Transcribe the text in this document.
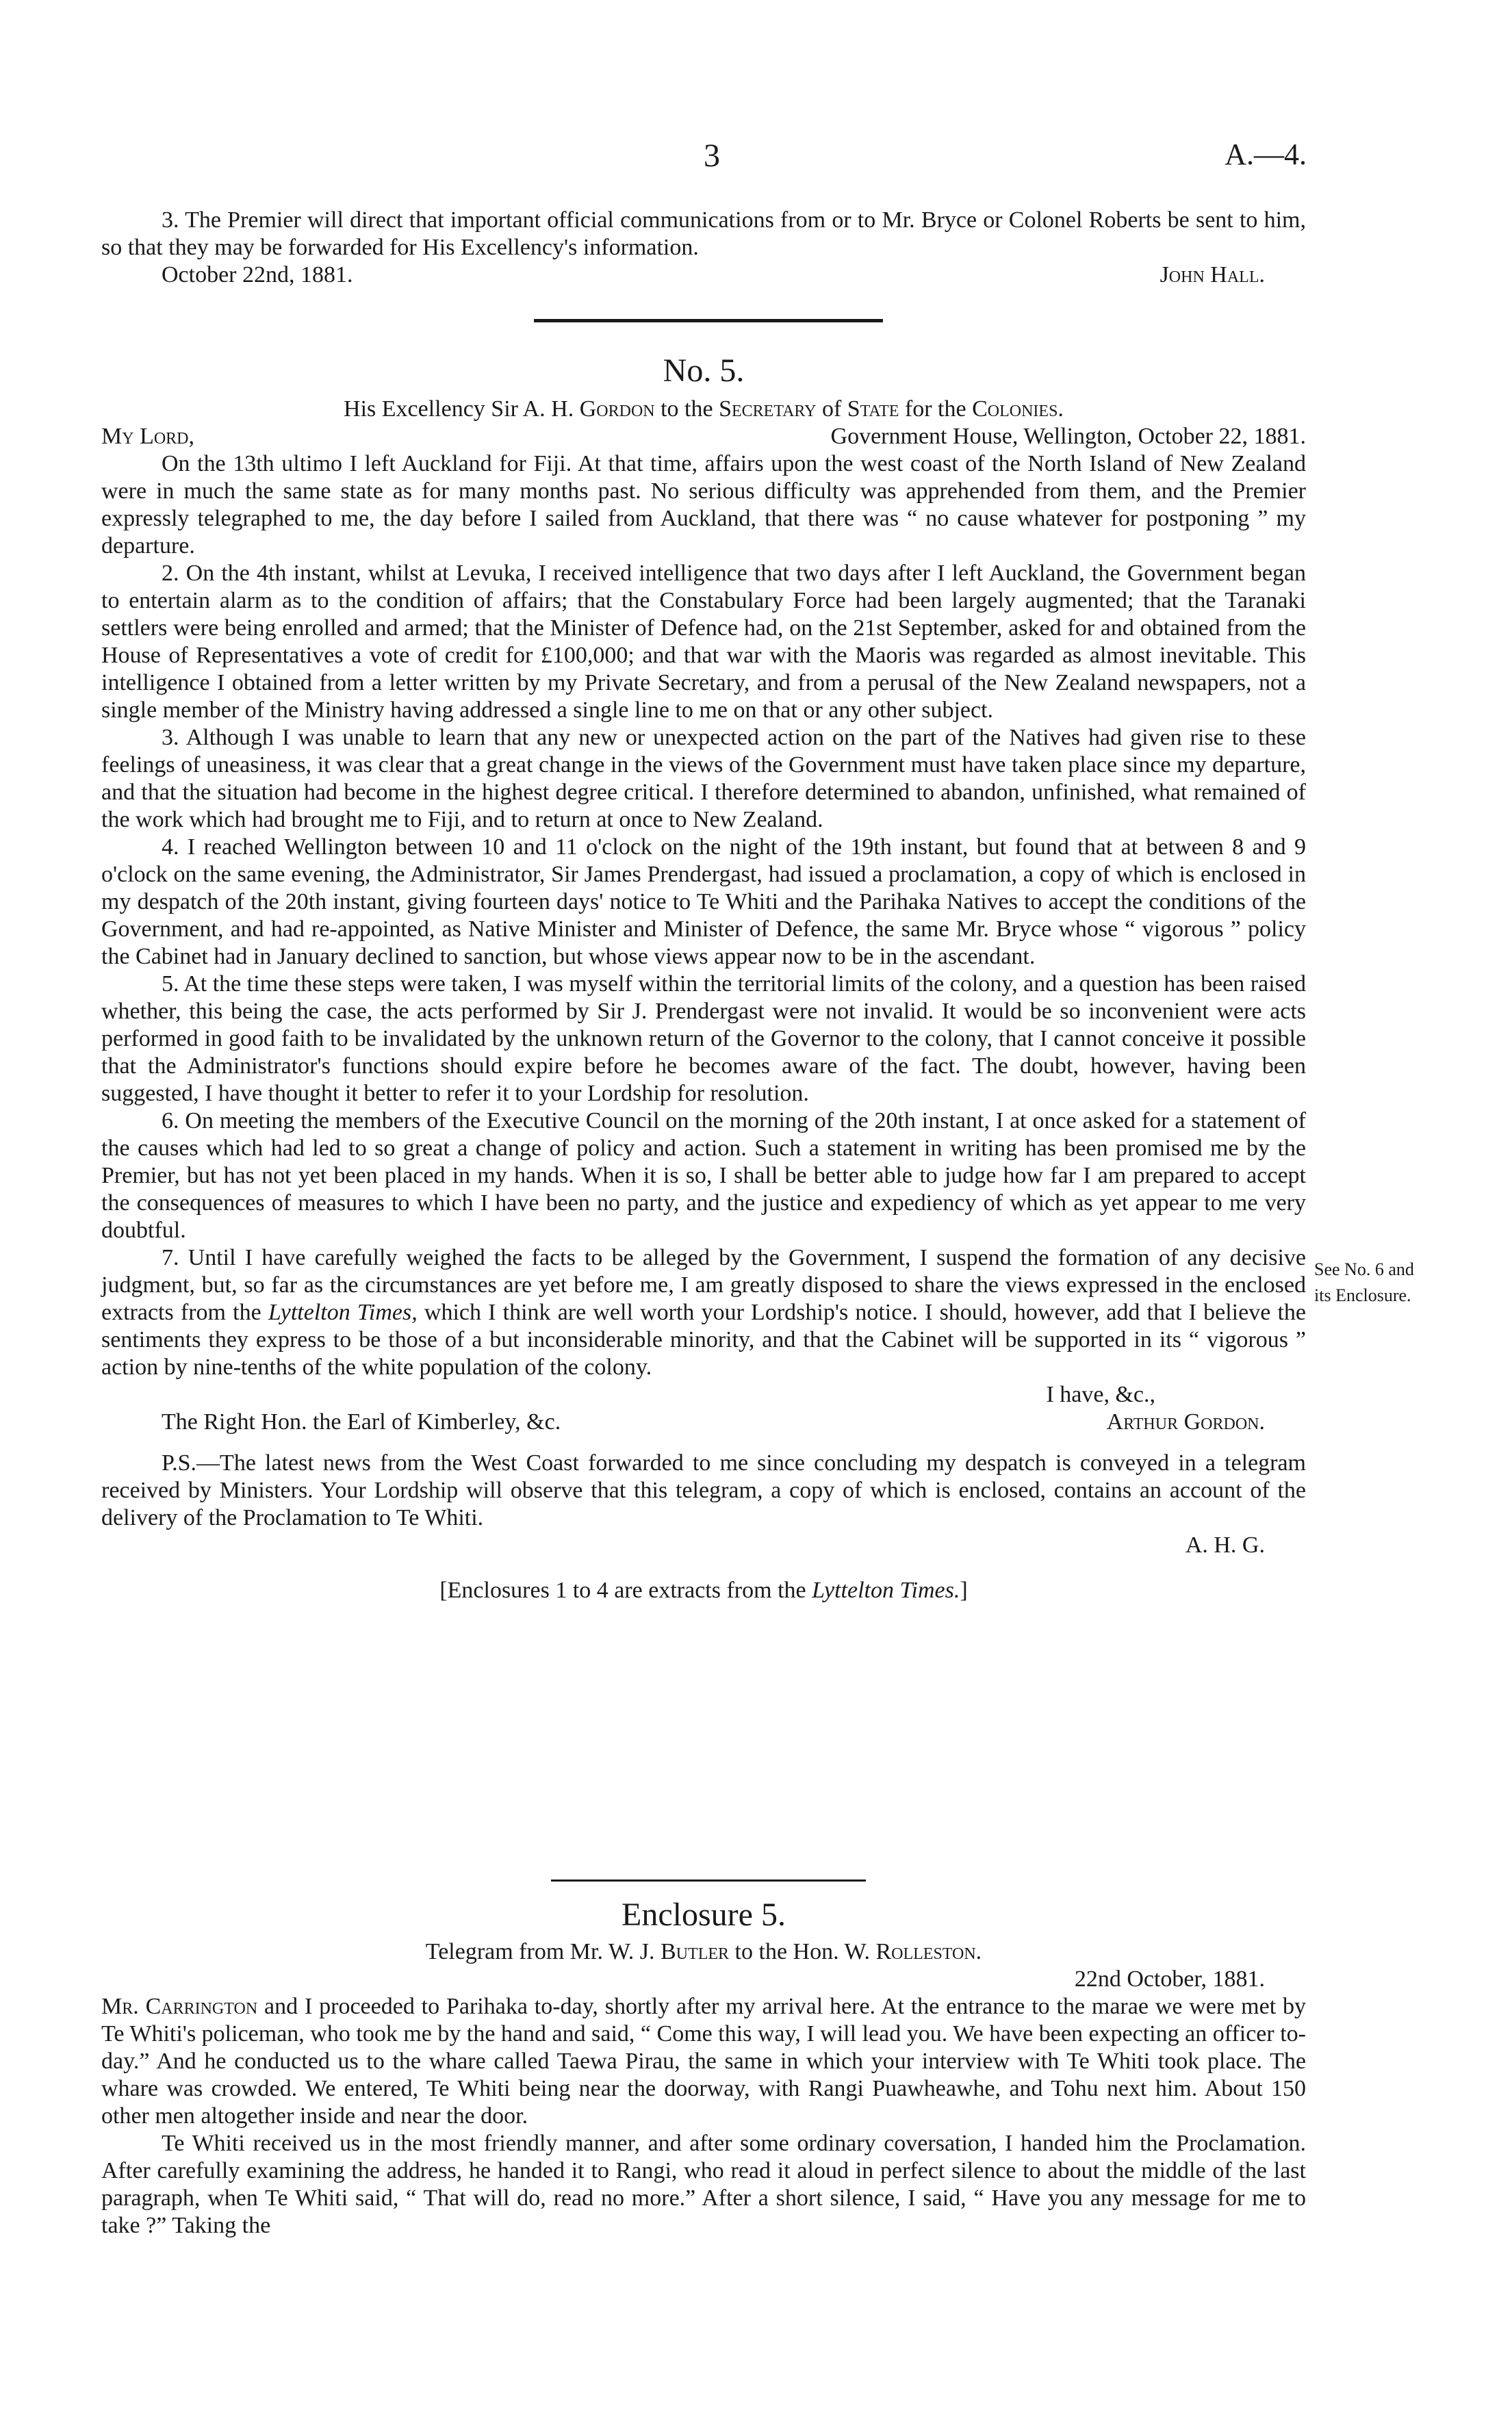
3	A.—4.

3. The Premier will direct that important official communications from or to Mr. Bryce or Colonel Roberts be sent to him, so that they may be forwarded for His Excellency's information.

October 22nd, 1881.	John Hall.
No. 5.
His Excellency Sir A. H. Gordon to the Secretary of State for the Colonies.
My Lord,	Government House, Wellington, October 22, 1881.

On the 13th ultimo I left Auckland for Fiji. At that time, affairs upon the west coast of the North Island of New Zealand were in much the same state as for many months past. No serious difficulty was apprehended from them, and the Premier expressly telegraphed to me, the day before I sailed from Auckland, that there was “ no cause whatever for postponing ” my departure.

2. On the 4th instant, whilst at Levuka, I received intelligence that two days after I left Auckland, the Government began to entertain alarm as to the condition of affairs; that the Constabulary Force had been largely augmented; that the Taranaki settlers were being enrolled and armed; that the Minister of Defence had, on the 21st September, asked for and obtained from the House of Representatives a vote of credit for £100,000; and that war with the Maoris was regarded as almost inevitable. This intelligence I obtained from a letter written by my Private Secretary, and from a perusal of the New Zealand newspapers, not a single member of the Ministry having addressed a single line to me on that or any other subject.

3. Although I was unable to learn that any new or unexpected action on the part of the Natives had given rise to these feelings of uneasiness, it was clear that a great change in the views of the Government must have taken place since my departure, and that the situation had become in the highest degree critical. I therefore determined to abandon, unfinished, what remained of the work which had brought me to Fiji, and to return at once to New Zealand.

4. I reached Wellington between 10 and 11 o'clock on the night of the 19th instant, but found that at between 8 and 9 o'clock on the same evening, the Administrator, Sir James Prendergast, had issued a proclamation, a copy of which is enclosed in my despatch of the 20th instant, giving fourteen days' notice to Te Whiti and the Parihaka Natives to accept the conditions of the Government, and had re-appointed, as Native Minister and Minister of Defence, the same Mr. Bryce whose “ vigorous ” policy the Cabinet had in January declined to sanction, but whose views appear now to be in the ascendant.

5. At the time these steps were taken, I was myself within the territorial limits of the colony, and a question has been raised whether, this being the case, the acts performed by Sir J. Prendergast were not invalid. It would be so inconvenient were acts performed in good faith to be invalidated by the unknown return of the Governor to the colony, that I cannot conceive it possible that the Administrator's functions should expire before he becomes aware of the fact. The doubt, however, having been suggested, I have thought it better to refer it to your Lordship for resolution.

6. On meeting the members of the Executive Council on the morning of the 20th instant, I at once asked for a statement of the causes which had led to so great a change of policy and action. Such a statement in writing has been promised me by the Premier, but has not yet been placed in my hands. When it is so, I shall be better able to judge how far I am prepared to accept the consequences of measures to which I have been no party, and the justice and expediency of which as yet appear to me very doubtful.

7. Until I have carefully weighed the facts to be alleged by the Government, I suspend the formation of any decisive judgment, but, so far as the circumstances are yet before me, I am greatly disposed to share the views expressed in the enclosed extracts from the Lyttelton Times, which I think are well worth your Lordship's notice. I should, however, add that I believe the sentiments they express to be those of a but inconsiderable minority, and that the Cabinet will be supported in its “ vigorous ” action by nine-tenths of the white population of the colony.

I have, &c.,
The Right Hon. the Earl of Kimberley, &c.	Arthur Gordon.

P.S.—The latest news from the West Coast forwarded to me since concluding my despatch is conveyed in a telegram received by Ministers. Your Lordship will observe that this telegram, a copy of which is enclosed, contains an account of the delivery of the Proclamation to Te Whiti.

A. H. G.
[Enclosures 1 to 4 are extracts from the Lyttelton Times.]
See No. 6 and
its Enclosure.
Enclosure 5.
Telegram from Mr. W. J. Butler to the Hon. W. Rolleston.
22nd October, 1881.

Mr. Carrington and I proceeded to Parihaka to-day, shortly after my arrival here. At the entrance to the marae we were met by Te Whiti's policeman, who took me by the hand and said, “ Come this way, I will lead you. We have been expecting an officer to-day.” And he conducted us to the whare called Taewa Pirau, the same in which your interview with Te Whiti took place. The whare was crowded. We entered, Te Whiti being near the doorway, with Rangi Puawheawhe, and Tohu next him. About 150 other men altogether inside and near the door.

Te Whiti received us in the most friendly manner, and after some ordinary coversation, I handed him the Proclamation. After carefully examining the address, he handed it to Rangi, who read it aloud in perfect silence to about the middle of the last paragraph, when Te Whiti said, “ That will do, read no more.” After a short silence, I said, “ Have you any message for me to take ?” Taking the
